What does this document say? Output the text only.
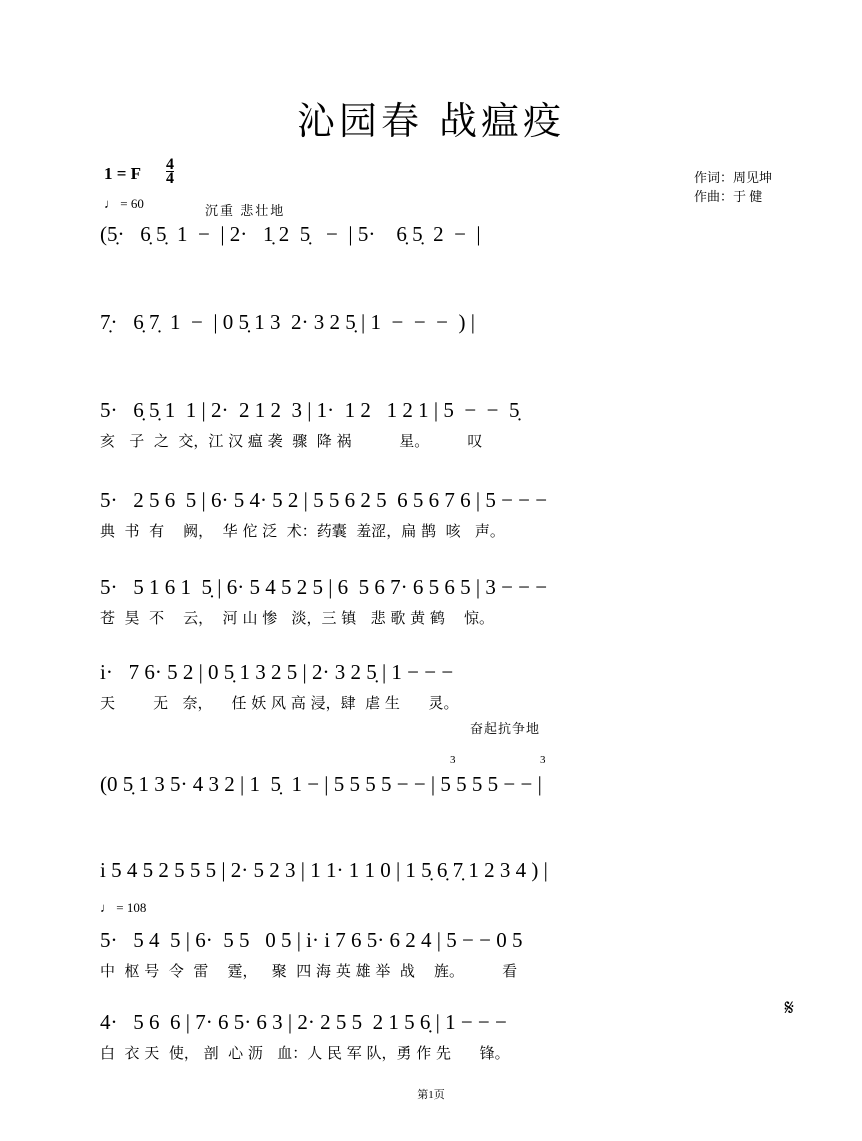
沁园春 战瘟疫
1 = F $\frac{4}{4}$
♩ = 60
♩ = 108
沉重 悲壮地
奋起抗争地
作词：周见坤
作曲：于 健
(5̣·   6̣ 5̣  1  −  | 2·   1̣ 2  5̣   −  | 5·    6̣ 5̣  2  −  |
7̣·   6̣ 7̣  1  −  | 0 5̣ 1 3  2· 3 2 5̣ | 1  −  −  −  ) |
5·   6̣ 5̣ 1  1 | 2·  2 1 2  3 | 1·  1 2   1 2 1 | 5  −  −  5̣
亥   子  之  交，江 汉 瘟 袭  骤  降 祸          星。        叹
5·   2 5 6  5 | 6· 5 4· 5 2 | 5 5 6 2 5  6 5 6 7 6 | 5 − − −
典  书  有    阙，  华 佗 泛  术：药囊  羞涩，扁 鹊  咳   声。
5·   5 1 6 1  5̣ | 6· 5 4 5 2 5 | 6  5 6 7· 6 5 6 5 | 3 − − −
苍  昊  不    云，  河 山 惨   淡，三 镇   悲 歌 黄 鹤    惊。
i·   7 6· 5 2 | 0 5̣ 1 3 2 5 | 2· 3 2 5̣ | 1 − − −
天        无   奈，    任 妖 风 高 浸，肆  虐 生      灵。
(0 5̣ 1 3 5· 4 3 2 | 1  5̣  1 − | 5 5 5 5 − − | 5 5 5 5 − − |
3	3
i 5 4 5 2 5 5 5 | 2· 5 2 3 | 1 1· 1 1 0 | 1 5̣ 6̣ 7̣ 1 2 3 4 ) |
5·   5 4  5 | 6·  5 5   0 5 | i· i 7 6 5· 6 2 4 | 5 − − 0 5
中  枢 号  令  雷    霆，   聚  四 海 英 雄 举  战    旌。        看
4·   5 6  6 | 7· 6 5· 6 3 | 2· 2 5 5  2 1 5 6̣ | 1 − − −
白  衣 天  使， 剖  心 沥   血：人 民 军 队，勇 作 先      锋。
𝄋
第1页
